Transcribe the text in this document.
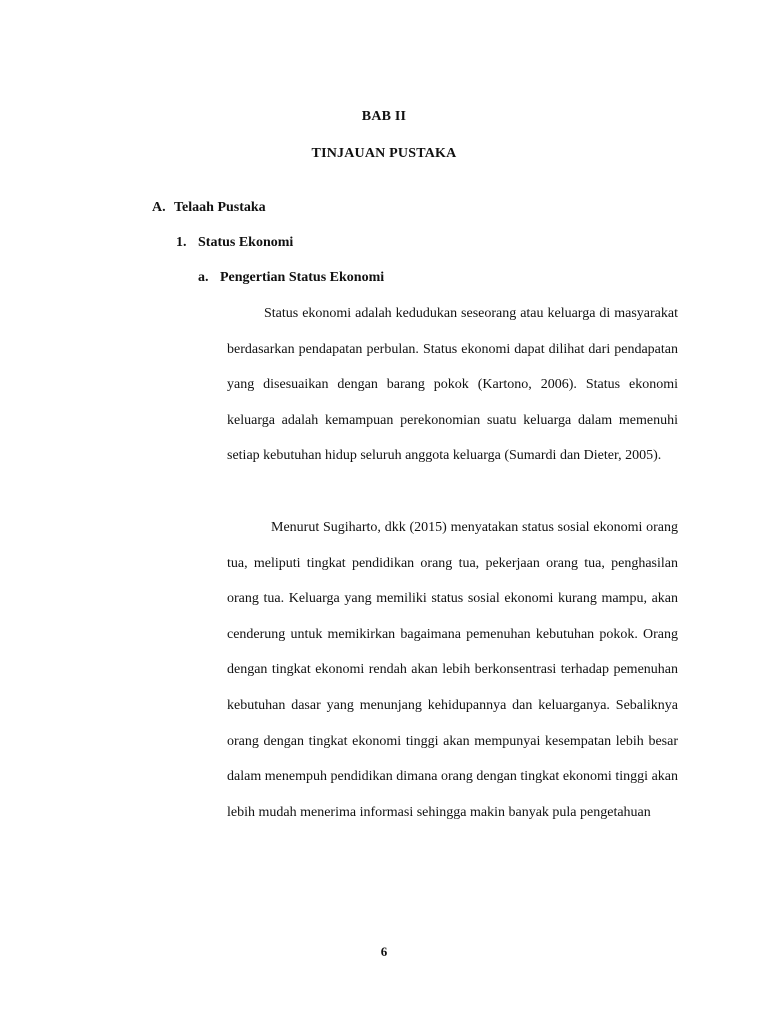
BAB II
TINJAUAN PUSTAKA
A. Telaah Pustaka
1. Status Ekonomi
a. Pengertian Status Ekonomi

Status ekonomi adalah kedudukan seseorang atau keluarga di masyarakat berdasarkan pendapatan perbulan. Status ekonomi dapat dilihat dari pendapatan yang disesuaikan dengan barang pokok (Kartono, 2006). Status ekonomi keluarga adalah kemampuan perekonomian suatu keluarga dalam memenuhi setiap kebutuhan hidup seluruh anggota keluarga (Sumardi dan Dieter, 2005).

Menurut Sugiharto, dkk (2015) menyatakan status sosial ekonomi orang tua, meliputi tingkat pendidikan orang tua, pekerjaan orang tua, penghasilan orang tua. Keluarga yang memiliki status sosial ekonomi kurang mampu, akan cenderung untuk memikirkan bagaimana pemenuhan kebutuhan pokok. Orang dengan tingkat ekonomi rendah akan lebih berkonsentrasi terhadap pemenuhan kebutuhan dasar yang menunjang kehidupannya dan keluarganya. Sebaliknya orang dengan tingkat ekonomi tinggi akan mempunyai kesempatan lebih besar dalam menempuh pendidikan dimana orang dengan tingkat ekonomi tinggi akan lebih mudah menerima informasi sehingga makin banyak pula pengetahuan

6
